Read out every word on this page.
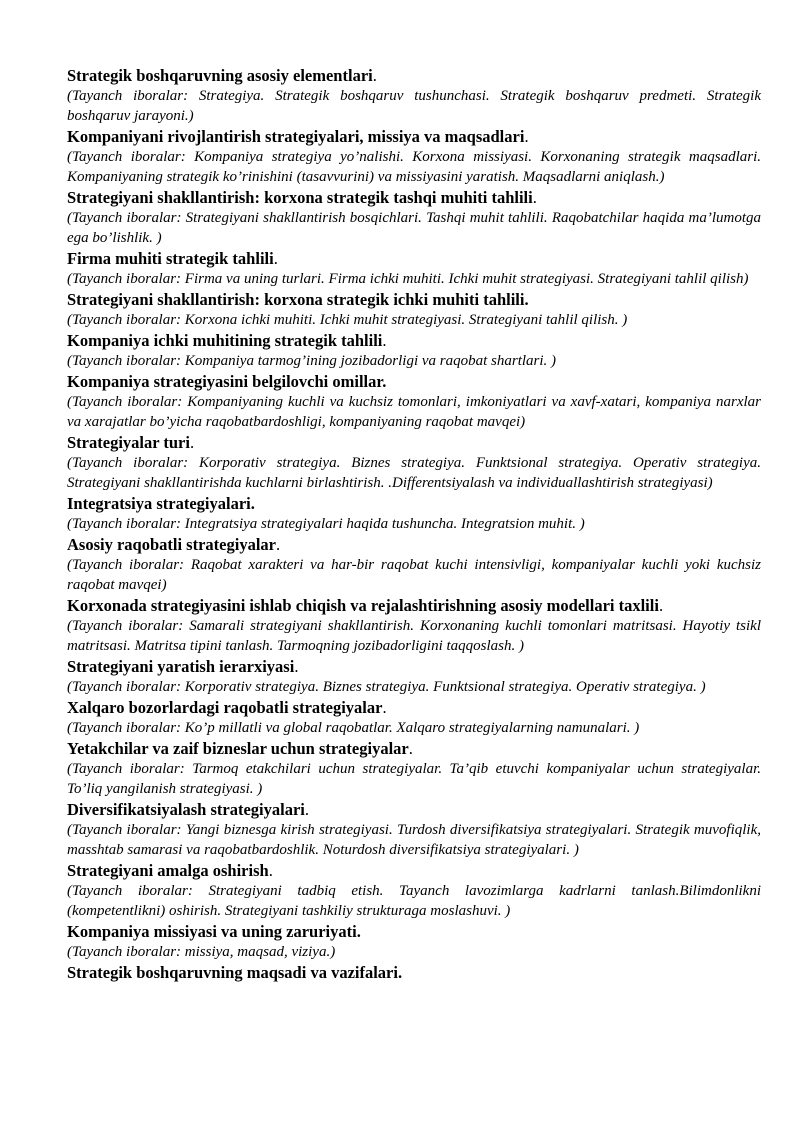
Strategik boshqaruvning asosiy elementlari.

(Tayanch iboralar: Strategiya. Strategik boshqaruv tushunchasi. Strategik boshqaruv predmeti. Strategik boshqaruv jarayoni.)

Kompaniyani rivojlantirish strategiyalari, missiya va maqsadlari.

(Tayanch iboralar: Kompaniya strategiya yo’nalishi. Korxona missiyasi. Korxonaning strategik maqsadlari. Kompaniyaning strategik ko’rinishini (tasavvurini) va missiyasini yaratish. Maqsadlarni aniqlash.)

Strategiyani shakllantirish: korxona strategik tashqi muhiti tahlili.

(Tayanch iboralar: Strategiyani shakllantirish bosqichlari. Tashqi muhit tahlili. Raqobatchilar haqida ma’lumotga ega bo’lishlik. )

Firma muhiti strategik tahlili.

(Tayanch iboralar: Firma va uning turlari. Firma ichki muhiti. Ichki muhit strategiyasi. Strategiyani tahlil qilish)

Strategiyani shakllantirish: korxona strategik ichki muhiti tahlili.

(Tayanch iboralar: Korxona ichki muhiti. Ichki muhit strategiyasi. Strategiyani tahlil qilish. )

Kompaniya ichki muhitining strategik tahlili.

(Tayanch iboralar: Kompaniya tarmog’ining jozibadorligi va raqobat shartlari. )

Kompaniya strategiyasini belgilovchi omillar.

(Tayanch iboralar: Kompaniyaning kuchli va kuchsiz tomonlari, imkoniyatlari va xavf-xatari, kompaniya narxlar va xarajatlar bo’yicha raqobatbardoshligi, kompaniyaning raqobat mavqei)

Strategiyalar turi.

(Tayanch iboralar: Korporativ strategiya. Biznes strategiya. Funktsional strategiya. Operativ strategiya. Strategiyani shakllantirishda kuchlarni birlashtirish. .Differentsiyalash va individuallashtirish strategiyasi)

Integratsiya strategiyalari.

(Tayanch iboralar: Integratsiya strategiyalari haqida tushuncha. Integratsion muhit. )

Asosiy raqobatli strategiyalar.

(Tayanch iboralar: Raqobat xarakteri va har-bir raqobat kuchi intensivligi, kompaniyalar kuchli yoki kuchsiz raqobat mavqei)

Korxonada strategiyasini ishlab chiqish va rejalashtirishning asosiy modellari taxlili.

(Tayanch iboralar: Samarali strategiyani shakllantirish. Korxonaning kuchli tomonlari matritsasi. Hayotiy tsikl matritsasi. Matritsa tipini tanlash. Tarmoqning jozibadorligini taqqoslash. )

Strategiyani yaratish ierarxiyasi.

(Tayanch iboralar: Korporativ strategiya. Biznes strategiya. Funktsional strategiya. Operativ strategiya. )

Xalqaro bozorlardagi raqobatli strategiyalar.

(Tayanch iboralar: Ko’p millatli va global raqobatlar. Xalqaro strategiyalarning namunalari. )

Yetakchilar va zaif bizneslar uchun strategiyalar.

(Tayanch iboralar: Tarmoq etakchilari uchun strategiyalar. Ta’qib etuvchi kompaniyalar uchun strategiyalar. To’liq yangilanish strategiyasi. )

Diversifikatsiyalash strategiyalari.

(Tayanch iboralar: Yangi biznesga kirish strategiyasi. Turdosh diversifikatsiya strategiyalari. Strategik muvofiqlik, masshtab samarasi va raqobatbardoshlik. Noturdosh diversifikatsiya strategiyalari. )

Strategiyani amalga oshirish.

(Tayanch iboralar: Strategiyani tadbiq etish. Tayanch lavozimlarga kadrlarni tanlash.Bilimdonlikni (kompetentlikni) oshirish. Strategiyani tashkiliy strukturaga moslashuvi. )

Kompaniya missiyasi va uning zaruriyati.

(Tayanch iboralar: missiya, maqsad, viziya.)

Strategik boshqaruvning maqsadi va vazifalari.
